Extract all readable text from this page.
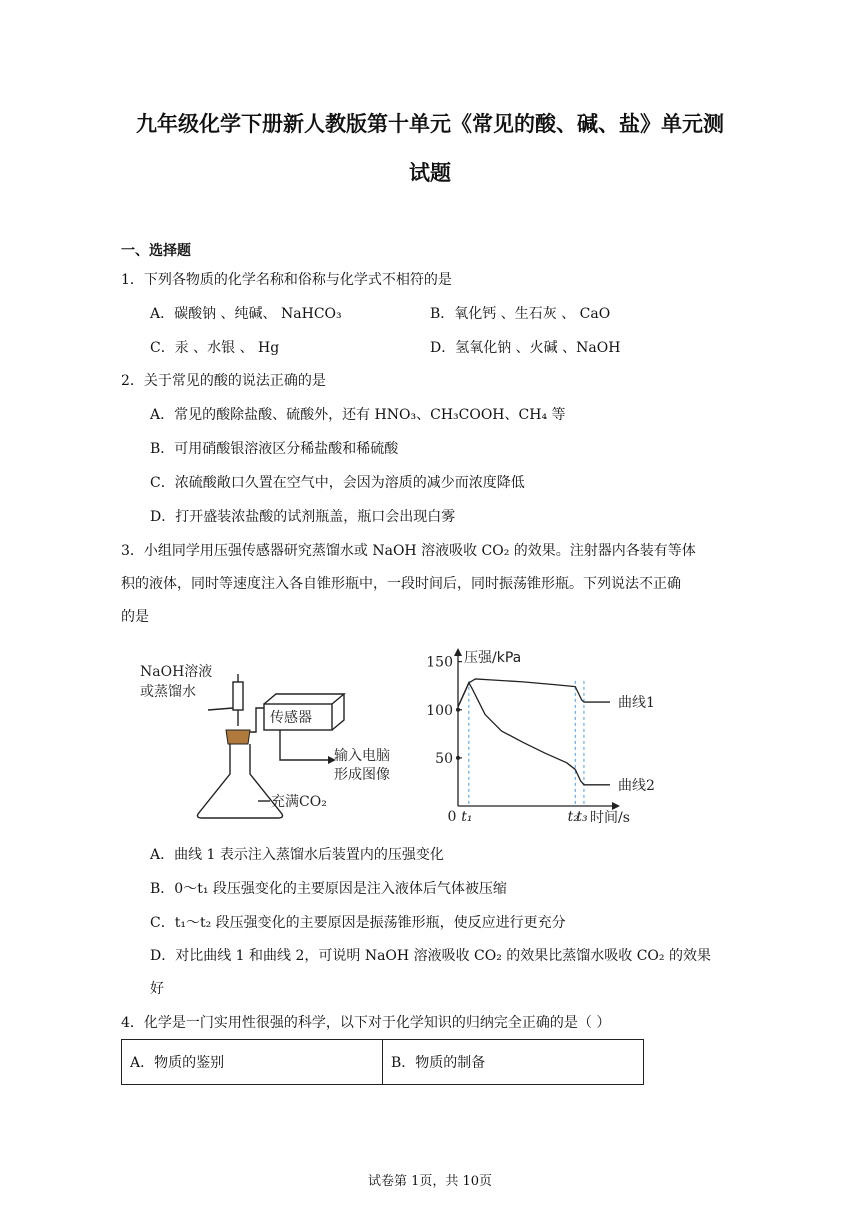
九年级化学下册新人教版第十单元《常见的酸、碱、盐》单元测
试题
一、选择题
1．下列各物质的化学名称和俗称与化学式不相符的是
A．碳酸钠 、纯碱、 NaHCO₃	B．氧化钙 、生石灰 、 CaO
C．汞 、水银 、 Hg	D．氢氧化钠 、火碱 、NaOH
2．关于常见的酸的说法正确的是
A．常见的酸除盐酸、硫酸外，还有 HNO₃、CH₃COOH、CH₄ 等
B．可用硝酸银溶液区分稀盐酸和稀硫酸
C．浓硫酸敞口久置在空气中，会因为溶质的减少而浓度降低
D．打开盛装浓盐酸的试剂瓶盖，瓶口会出现白雾
3．小组同学用压强传感器研究蒸馏水或 NaOH 溶液吸收 CO₂ 的效果。注射器内各装有等体
积的液体，同时等速度注入各自锥形瓶中，一段时间后，同时振荡锥形瓶。下列说法不正确
的是
NaOH溶液
或蒸馏水
传感器
输入电脑
形成图像
充满CO₂
压强/kPa
时间/s
150
100
50
0 t₁	t₂
t₃
曲线1
曲线2
A．曲线 1 表示注入蒸馏水后装置内的压强变化
B．0～t₁ 段压强变化的主要原因是注入液体后气体被压缩
C．t₁～t₂ 段压强变化的主要原因是振荡锥形瓶，使反应进行更充分
D．对比曲线 1 和曲线 2，可说明 NaOH 溶液吸收 CO₂ 的效果比蒸馏水吸收 CO₂ 的效果
好
4．化学是一门实用性很强的科学，以下对于化学知识的归纳完全正确的是（ ）
A．物质的鉴别	B．物质的制备
试卷第 1页，共 10页
